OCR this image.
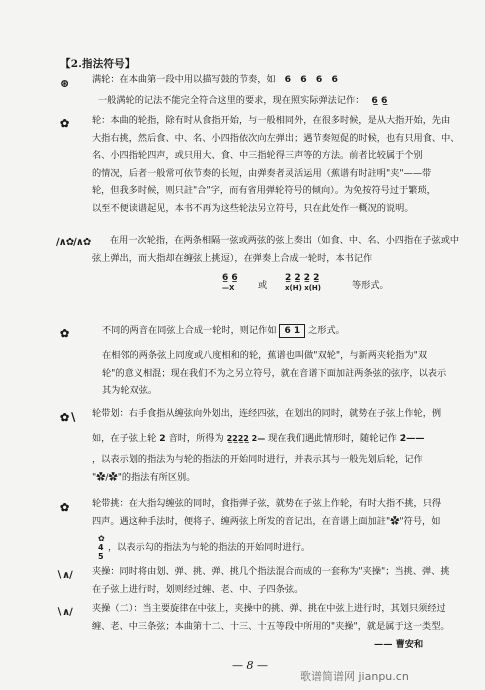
【2.指法符号】
⊛ 满轮：在本曲第一段中用以描写鼓的节奏，如 6 6 6 6
一般满轮的记法不能完全符合这里的要求，现在照实际弹法记作： 6̲ 6̲
✿ 轮：本曲的轮指，除有时从食指开始，与一般相同外，在很多时候，是从大指开始，先由
大指右挑，然后食、中、名、小四指依次向左弹出；遇节奏短促的时候，也有只用食、中、
名、小四指轮四声，或只用大、食、中三指轮得三声等的方法。前者比较属于个别
的情况，后者一般常可依节奏的长短，由弹奏者灵活运用（蕉谱有时註明"夹"——带
轮，但我多时候，则只註"合"字，而有省用弹轮符号的倾向）。为免按符号过于繁琐，
以至不便读谱起见，本书不再为这些轮法另立符号，只在此处作一概况的说明。
∕∧✿∕∧✿ 在用一次轮指，在两条相隔一弦或两弦的弦上奏出（如食、中、名、小四指在子弦或中
弦上弹出，而大指却在缠弦上挑逗），在弹奏上合成一轮时，本书记作
6̲ 6̲
—Ⅹ	或
2̲ 2̲ 2̲ 2̲
x(H) x(H)	等形式。
✿	不同的两音在同弦上合成一轮时，则记作如 6 1 之形式。
在相邻的两条弦上同度或八度相和的轮，蕉谱也叫做"双轮"，与新两夹轮指为"双
轮"的意义相混；现在我们不为之另立符号，就在音谱下面加註两条弦的弦序，以表示
其为轮双弦。
✿∖ 轮带划：右手食指从缠弦向外划出，连经四弦，在划出的同时，就势在子弦上作轮，例
如，在子弦上轮 2 音时，所得为 2̲2̲2̲2̲ 2— 现在我们遇此情形时，随轮记作 2̇——
，以表示划的指法为与轮的指法的开始同时进行，并表示其与一般先划后轮，记作
"✿∕✿"的指法有所区别。
✿ 轮带挑：在大指勾缠弦的同时，食指弹子弦，就势在子弦上作轮，有时大指不挑，只得
四声。遇这种手法时，便将子、缠两弦上所发的音记出，在音谱上面加註"✿"符号，如
✿
4
5
，以表示勾的指法为与轮的指法的开始同时进行。
∖∧∕ 夹操：同时将由划、弹、挑、弹、挑几个指法混合而成的一套称为"夹操"；当挑、弹、挑
在子弦上进行时，划则经过缠、老、中、子四条弦。
∖∧∕ 夹操（二）：当主要旋律在中弦上，夹操中的挑、弹、挑在中弦上进行时，其划只须经过
缠、老、中三条弦；本曲第十二、十三、十五等段中所用的"夹操"，就是属于这一类型。
—— 曹安和
— 8 —
歌谱简谱网 jianpu.cn
